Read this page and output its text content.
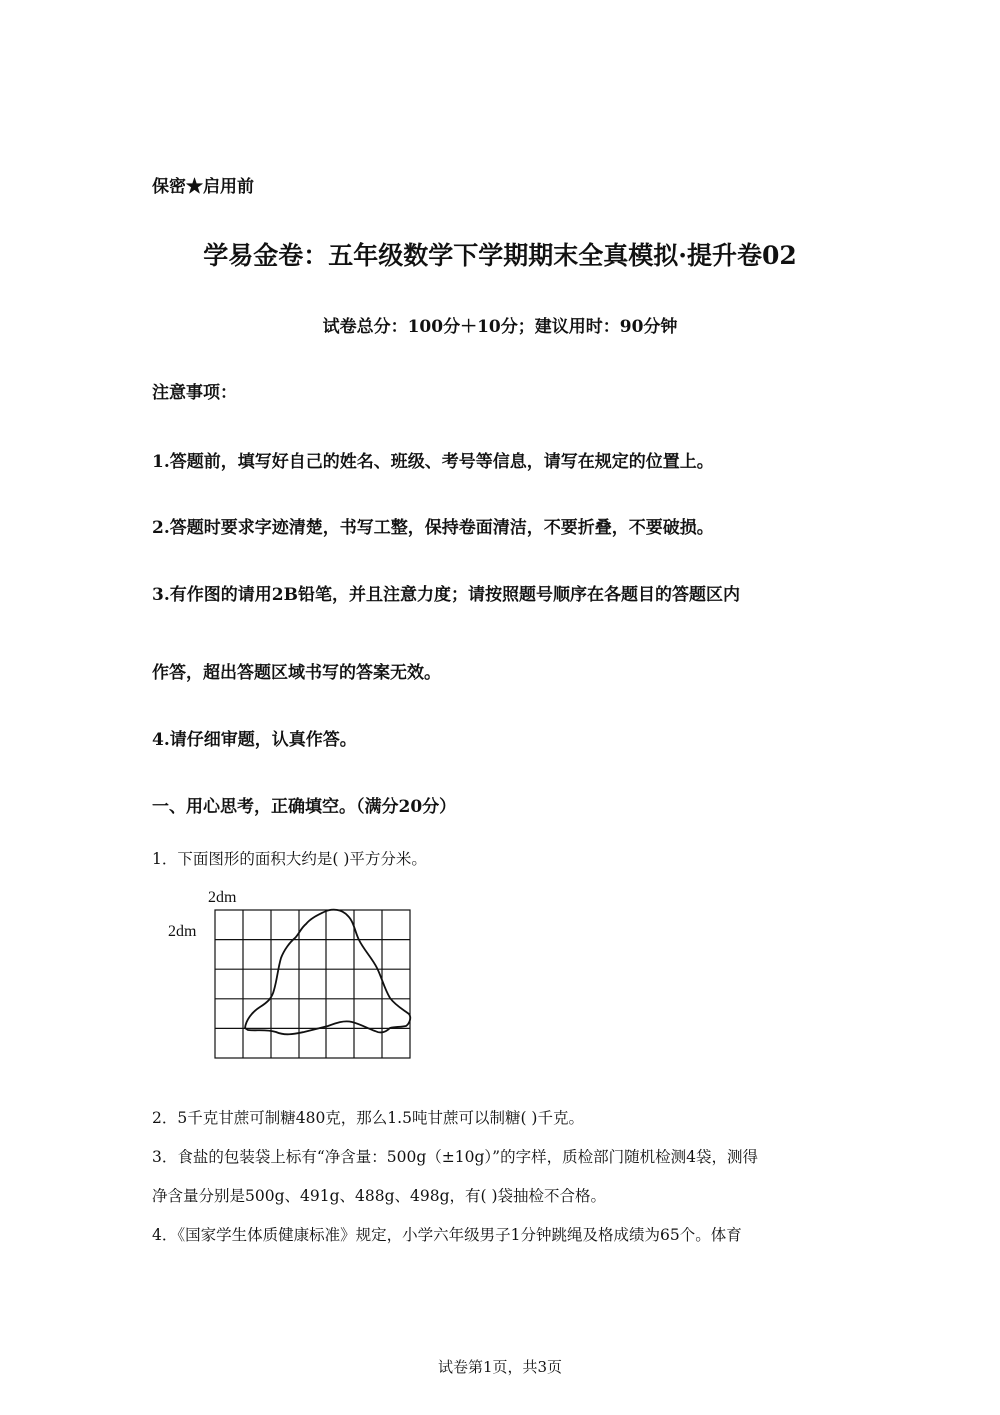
保密★启用前
学易金卷：五年级数学下学期期末全真模拟·提升卷02
试卷总分：100分＋10分；建议用时：90分钟
注意事项：
1.答题前，填写好自己的姓名、班级、考号等信息，请写在规定的位置上。
2.答题时要求字迹清楚，书写工整，保持卷面清洁，不要折叠，不要破损。
3.有作图的请用2B铅笔，并且注意力度；请按照题号顺序在各题目的答题区内
作答，超出答题区域书写的答案无效。
4.请仔细审题，认真作答。
一、用心思考，正确填空。（满分20分）
1．下面图形的面积大约是( )平方分米。
2dm
2dm
2．5千克甘蔗可制糖480克，那么1.5吨甘蔗可以制糖( )千克。
3．食盐的包装袋上标有“净含量：500g（±10g）”的字样，质检部门随机检测4袋，测得
净含量分别是500g、491g、488g、498g，有( )袋抽检不合格。
4．《国家学生体质健康标准》规定，小学六年级男子1分钟跳绳及格成绩为65个。体育
试卷第1页，共3页
